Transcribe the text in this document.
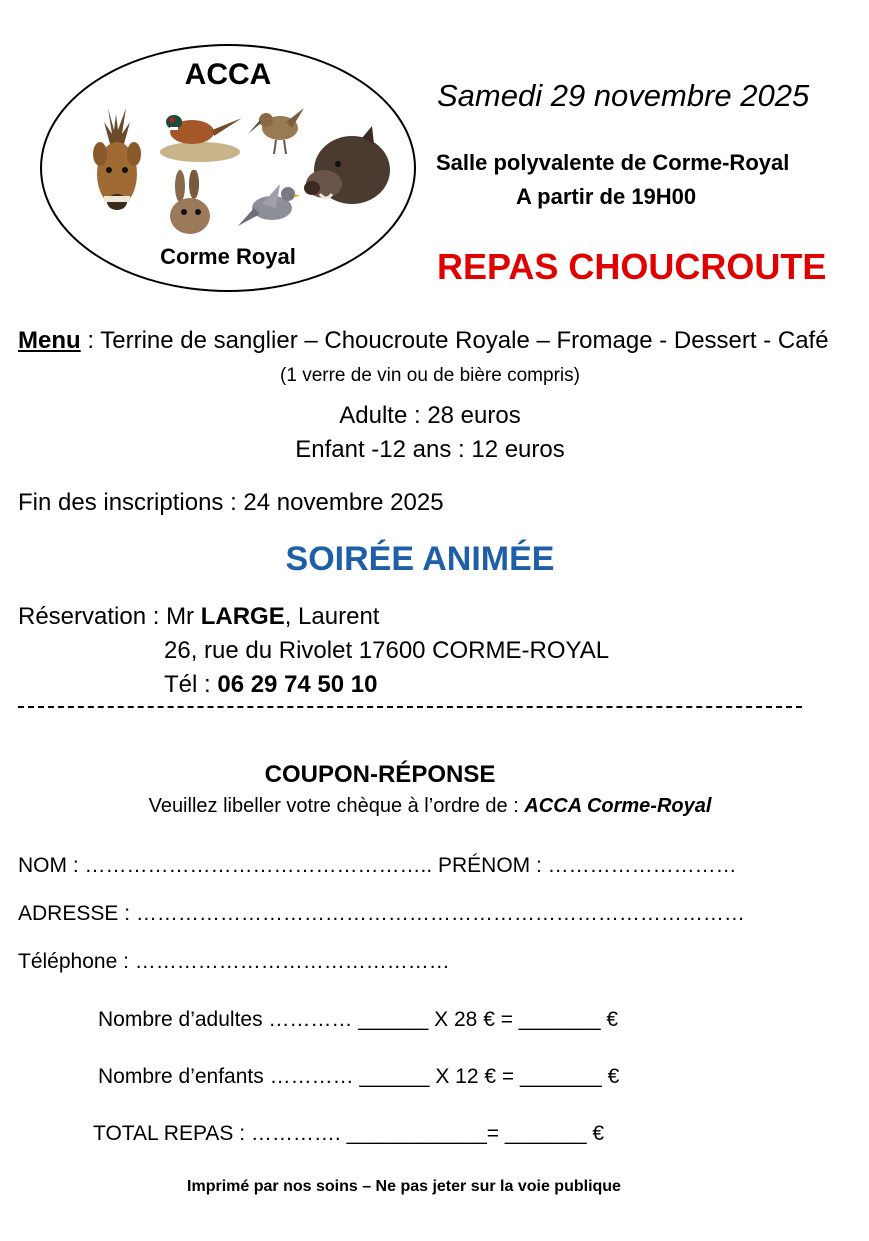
ACCA
Corme Royal
Samedi 29 novembre 2025
Salle polyvalente de Corme-Royal
A partir de 19H00
REPAS CHOUCROUTE
Menu : Terrine de sanglier – Choucroute Royale – Fromage - Dessert - Café
(1 verre de vin ou de bière compris)
Adulte : 28 euros
Enfant -12 ans : 12 euros
Fin des inscriptions : 24 novembre 2025
SOIRÉE ANIMÉE
Réservation : Mr LARGE, Laurent
26, rue du Rivolet 17600 CORME-ROYAL
Tél : 06 29 74 50 10
COUPON-RÉPONSE
Veuillez libeller votre chèque à l’ordre de : ACCA Corme-Royal
NOM : ………………………………………….. PRÉNOM : ………………………
ADRESSE : ……………………………………………………………………………
Téléphone : ………………………………………
Nombre d’adultes ………… ______ X 28 € = _______ €
Nombre d’enfants ………… ______ X 12 € = _______ €
TOTAL REPAS : …………. ____________= _______ €
Imprimé par nos soins – Ne pas jeter sur la voie publique
